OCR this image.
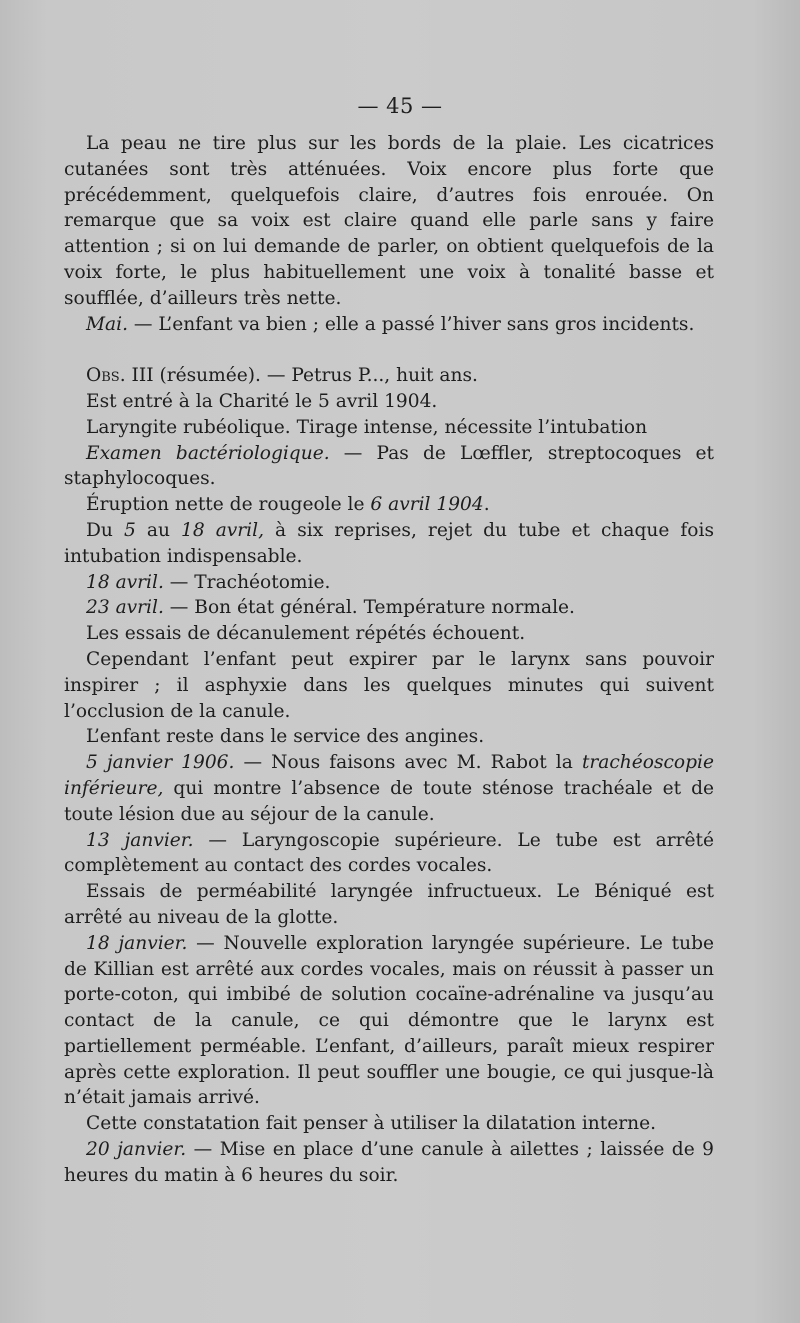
— 45 —

La peau ne tire plus sur les bords de la plaie. Les cicatrices cutanées sont très atténuées. Voix encore plus forte que précédemment, quelquefois claire, d’autres fois enrouée. On remarque que sa voix est claire quand elle parle sans y faire attention ; si on lui demande de parler, on obtient quelquefois de la voix forte, le plus habituellement une voix à tonalité basse et soufflée, d’ailleurs très nette.

Mai. — L’enfant va bien ; elle a passé l’hiver sans gros incidents.

Obs. III (résumée). — Petrus P..., huit ans.

Est entré à la Charité le 5 avril 1904.

Laryngite rubéolique. Tirage intense, nécessite l’intubation

Examen bactériologique. — Pas de Lœffler, streptocoques et staphylocoques.

Éruption nette de rougeole le 6 avril 1904.

Du 5 au 18 avril, à six reprises, rejet du tube et chaque fois intubation indispensable.

18 avril. — Trachéotomie.

23 avril. — Bon état général. Température normale.

Les essais de décanulement répétés échouent.

Cependant l’enfant peut expirer par le larynx sans pouvoir inspirer ; il asphyxie dans les quelques minutes qui suivent l’occlusion de la canule.

L’enfant reste dans le service des angines.

5 janvier 1906. — Nous faisons avec M. Rabot la trachéoscopie inférieure, qui montre l’absence de toute sténose trachéale et de toute lésion due au séjour de la canule.

13 janvier. — Laryngoscopie supérieure. Le tube est arrêté complètement au contact des cordes vocales.

Essais de perméabilité laryngée infructueux. Le Béniqué est arrêté au niveau de la glotte.

18 janvier. — Nouvelle exploration laryngée supérieure. Le tube de Killian est arrêté aux cordes vocales, mais on réussit à passer un porte-coton, qui imbibé de solution cocaïne-adrénaline va jusqu’au contact de la canule, ce qui démontre que le larynx est partiellement perméable. L’enfant, d’ailleurs, paraît mieux respirer après cette exploration. Il peut souffler une bougie, ce qui jusque-là n’était jamais arrivé.

Cette constatation fait penser à utiliser la dilatation interne.

20 janvier. — Mise en place d’une canule à ailettes ; laissée de 9 heures du matin à 6 heures du soir.
